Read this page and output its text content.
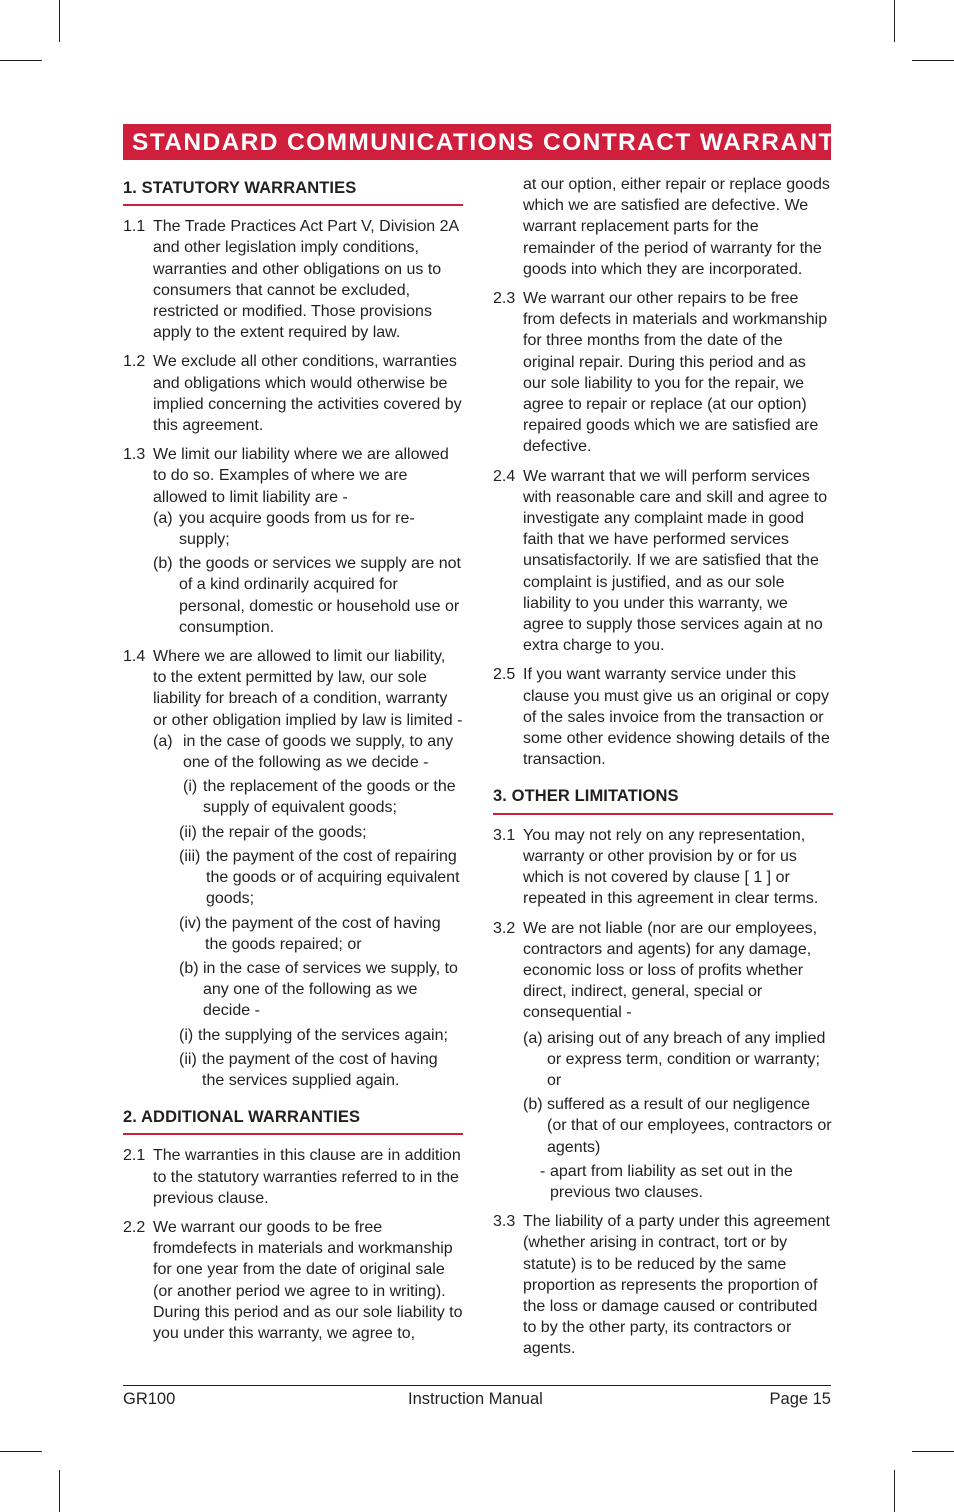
STANDARD COMMUNICATIONS CONTRACT WARRANTY
1. STATUTORY WARRANTIES
1.1 The Trade Practices Act Part V, Division 2A and other legislation imply conditions, warranties and other obligations on us to consumers that cannot be excluded, restricted or modified. Those provisions apply to the extent required by law.
1.2 We exclude all other conditions, warranties and obligations which would otherwise be implied concerning the activities covered by this agreement.
1.3 We limit our liability where we are allowed to do so. Examples of where we are allowed to limit liability are -
(a) you acquire goods from us for re-supply;
(b) the goods or services we supply are not of a kind ordinarily acquired for personal, domestic or household use or consumption.
1.4 Where we are allowed to limit our liability, to the extent permitted by law, our sole liability for breach of a condition, warranty or other obligation implied by law is limited -
(a) in the case of goods we supply, to any one of the following as we decide -
(i) the replacement of the goods or the supply of equivalent goods;
(ii) the repair of the goods;
(iii) the payment of the cost of repairing the goods or of acquiring equivalent goods;
(iv) the payment of the cost of having the goods repaired; or
(b) in the case of services we supply, to any one of the following as we decide -
(i) the supplying of the services again;
(ii) the payment of the cost of having the services supplied again.
2. ADDITIONAL WARRANTIES
2.1 The warranties in this clause are in addition to the statutory warranties referred to in the previous clause.
2.2 We warrant our goods to be free fromdefects in materials and workmanship for one year from the date of original sale (or another period we agree to in writing). During this period and as our sole liability to you under this warranty, we agree to,
at our option, either repair or replace goods which we are satisfied are defective. We warrant replacement parts for the remainder of the period of warranty for the goods into which they are incorporated.
2.3 We warrant our other repairs to be free from defects in materials and workmanship for three months from the date of the original repair. During this period and as our sole liability to you for the repair, we agree to repair or replace (at our option) repaired goods which we are satisfied are defective.
2.4 We warrant that we will perform services with reasonable care and skill and agree to investigate any complaint made in good faith that we have performed services unsatisfactorily. If we are satisfied that the complaint is justified, and as our sole liability to you under this warranty, we agree to supply those services again at no extra charge to you.
2.5 If you want warranty service under this clause you must give us an original or copy of the sales invoice from the transaction or some other evidence showing details of the transaction.
3. OTHER LIMITATIONS
3.1 You may not rely on any representation, warranty or other provision by or for us which is not covered by clause [ 1 ] or repeated in this agreement in clear terms.
3.2 We are not liable (nor are our employees, contractors and agents) for any damage, economic loss or loss of profits whether direct, indirect, general, special or consequential -
(a) arising out of any breach of any implied or express term, condition or warranty; or
(b) suffered as a result of our negligence (or that of our employees, contractors or agents)
- apart from liability as set out in the previous two clauses.
3.3 The liability of a party under this agreement (whether arising in contract, tort or by statute) is to be reduced by the same proportion as represents the proportion of the loss or damage caused or contributed to by the other party, its contractors or agents.
GR100	Instruction Manual	Page 15
